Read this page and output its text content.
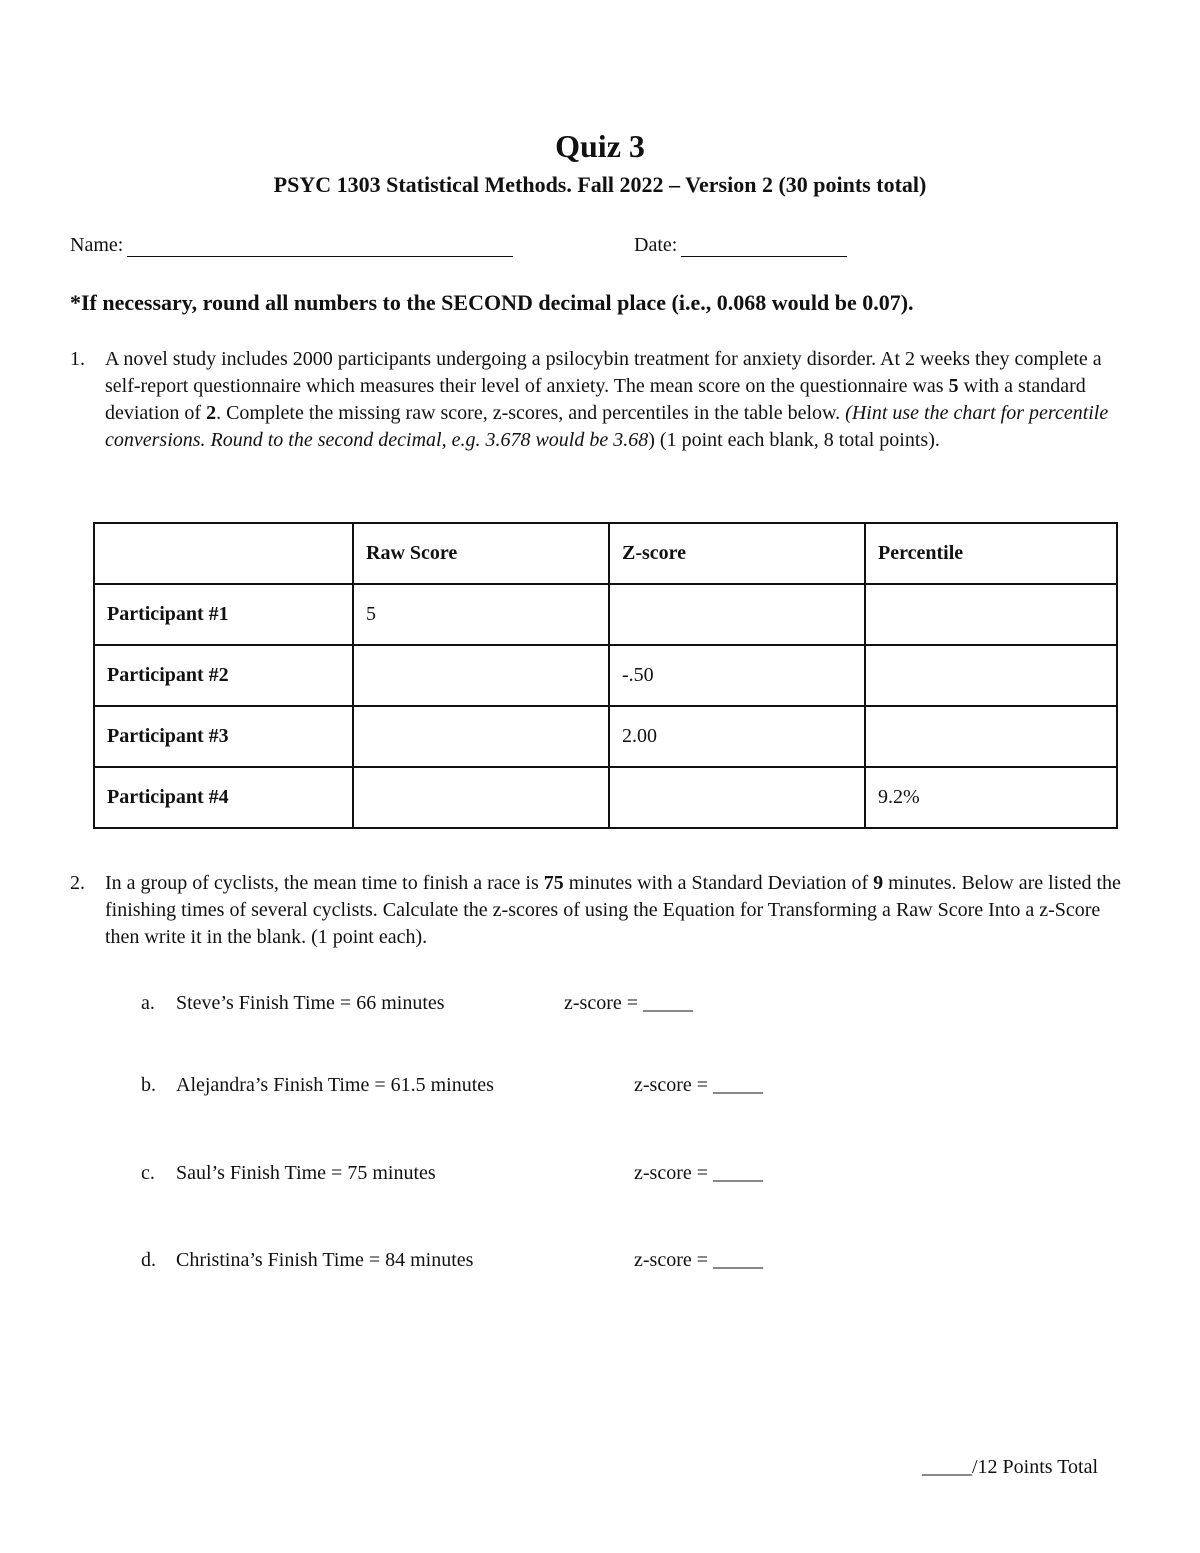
Quiz 3
PSYC 1303 Statistical Methods. Fall 2022 – Version 2 (30 points total)
Name:	Date:
*If necessary, round all numbers to the SECOND decimal place (i.e., 0.068 would be 0.07).
1. A novel study includes 2000 participants undergoing a psilocybin treatment for anxiety disorder. At 2 weeks they complete a self-report questionnaire which measures their level of anxiety. The mean score on the questionnaire was 5 with a standard deviation of 2. Complete the missing raw score, z-scores, and percentiles in the table below. (Hint use the chart for percentile conversions. Round to the second decimal, e.g. 3.678 would be 3.68) (1 point each blank, 8 total points).
	Raw Score	Z-score	Percentile
Participant #1	5		
Participant #2		-.50	
Participant #3		2.00	
Participant #4			9.2%
2. In a group of cyclists, the mean time to finish a race is 75 minutes with a Standard Deviation of 9 minutes. Below are listed the finishing times of several cyclists. Calculate the z-scores of using the Equation for Transforming a Raw Score Into a z-Score then write it in the blank. (1 point each).
a. Steve’s Finish Time = 66 minutes	z-score = _____
b. Alejandra’s Finish Time = 61.5 minutes	z-score = _____
c. Saul’s Finish Time = 75 minutes	z-score = _____
d. Christina’s Finish Time = 84 minutes	z-score = _____
_____/12 Points Total
